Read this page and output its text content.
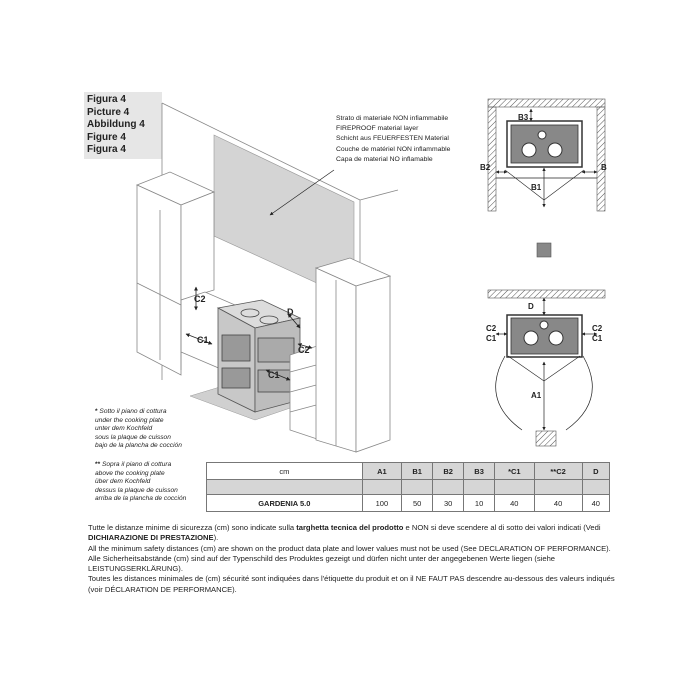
Figura 4
Picture 4
Abbildung 4
Figure 4
Figura 4
Strato di materiale NON infiammabile
FIREPROOF material layer
Schicht aus FEUERFESTEN Material
Couche de matériel NON inflammable
Capa de material NO inflamable
C2
C1
D
C2
C1
B3
B2	B
B1
D
C2
C1
C2
C1
A1
* Sotto il piano di cottura
under the cooking plate
unter dem Kochfeld
sous la plaque de cuisson
bajo de la plancha de cocción
** Sopra il piano di cottura
above the cooking plate
über dem Kochfeld
dessus la plaque de cuisson
arriba de la plancha de cocción
cm	A1	B1	B2	B3	*C1	**C2	D

GARDENIA 5.0	100	50	30	10	40	40	40

Tutte le distanze minime di sicurezza (cm) sono indicate sulla targhetta tecnica del prodotto e NON si deve scendere al di sotto dei valori indicati (Vedi DICHIARAZIONE DI PRESTAZIONE).

All the minimum safety distances (cm) are shown on the product data plate and lower values must not be used (See DECLARATION OF PERFORMANCE).

Alle Sicherheitsabstände (cm) sind auf der Typenschild des Produktes gezeigt und dürfen nicht unter der angegebenen Werte liegen (siehe LEISTUNGSERKLÄRUNG).

Toutes les distances minimales de (cm) sécurité sont indiquées dans l'étiquette du produit et on il NE FAUT PAS descendre au-dessous des valeurs indiqués (voir DÉCLARATION DE PERFORMANCE).
